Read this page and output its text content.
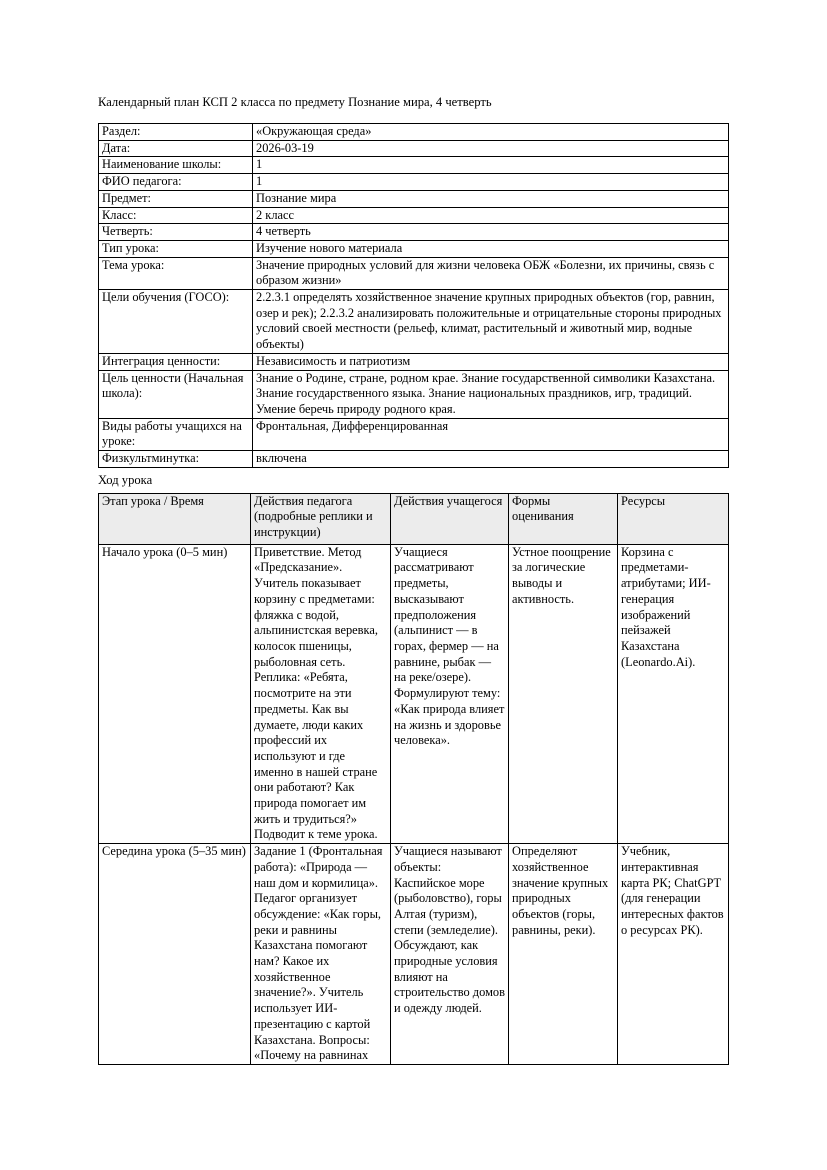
Календарный план КСП 2 класса по предмету Познание мира, 4 четверть

Раздел:	«Окружающая среда»
Дата:	2026-03-19
Наименование школы:	1
ФИО педагога:	1
Предмет:	Познание мира
Класс:	2 класс
Четверть:	4 четверть
Тип урока:	Изучение нового материала
Тема урока:	Значение природных условий для жизни человека ОБЖ «Болезни, их причины, связь с образом жизни»
Цели обучения (ГОСО):	2.2.3.1 определять хозяйственное значение крупных природных объектов (гор, равнин, озер и рек); 2.2.3.2 анализировать положительные и отрицательные стороны природных условий своей местности (рельеф, климат, растительный и животный мир, водные объекты)
Интеграция ценности:	Независимость и патриотизм
Цель ценности (Начальная школа):	Знание о Родине, стране, родном крае. Знание государственной символики Казахстана. Знание государственного языка. Знание национальных праздников, игр, традиций. Умение беречь природу родного края.
Виды работы учащихся на уроке:	Фронтальная, Дифференцированная
Физкультминутка:	включена

Ход урока

Этап урока / Время	Действия педагога (подробные реплики и инструкции)	Действия учащегося	Формы оценивания	Ресурсы
Начало урока (0–5 мин)	Приветствие. Метод «Предсказание». Учитель показывает корзину с предметами: фляжка с водой, альпинистская веревка, колосок пшеницы, рыболовная сеть. Реплика: «Ребята, посмотрите на эти предметы. Как вы думаете, люди каких профессий их используют и где именно в нашей стране они работают? Как природа помогает им жить и трудиться?» Подводит к теме урока.	Учащиеся рассматривают предметы, высказывают предположения (альпинист — в горах, фермер — на равнине, рыбак — на реке/озере). Формулируют тему: «Как природа влияет на жизнь и здоровье человека».	Устное поощрение за логические выводы и активность.	Корзина с предметами-атрибутами; ИИ-генерация изображений пейзажей Казахстана (Leonardo.Ai).
Середина урока (5–35 мин)	Задание 1 (Фронтальная работа): «Природа — наш дом и кормилица». Педагог организует обсуждение: «Как горы, реки и равнины Казахстана помогают нам? Какое их хозяйственное значение?». Учитель использует ИИ-презентацию с картой Казахстана. Вопросы: «Почему на равнинах	Учащиеся называют объекты: Каспийское море (рыболовство), горы Алтая (туризм), степи (земледелие). Обсуждают, как природные условия влияют на строительство домов и одежду людей.	Определяют хозяйственное значение крупных природных объектов (горы, равнины, реки).	Учебник, интерактивная карта РК; ChatGPT (для генерации интересных фактов о ресурсах РК).
